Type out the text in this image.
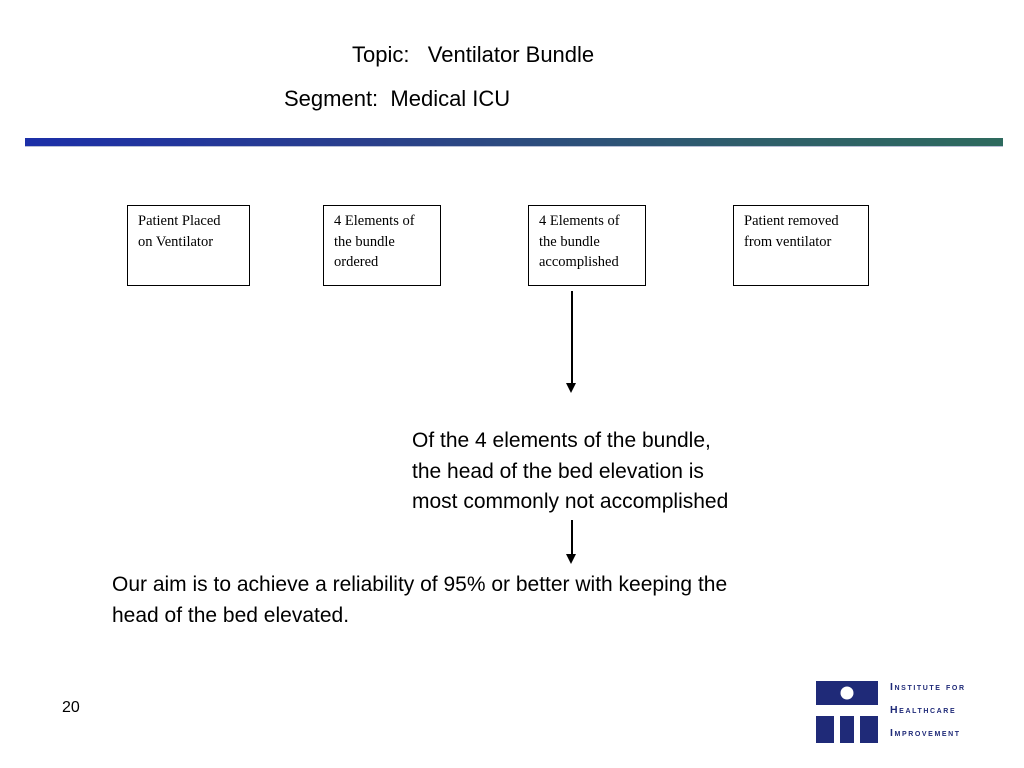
Topic:   Ventilator Bundle
Segment:  Medical ICU
Patient Placed
on Ventilator
4 Elements of
the bundle
ordered
4 Elements of
the bundle
accomplished
Patient removed
from ventilator
Of the 4 elements of the bundle,
the head of the bed elevation is
most commonly not accomplished
Our aim is to achieve a reliability of 95% or better with keeping the
head of the bed elevated.
20
Institute for
Healthcare
Improvement
